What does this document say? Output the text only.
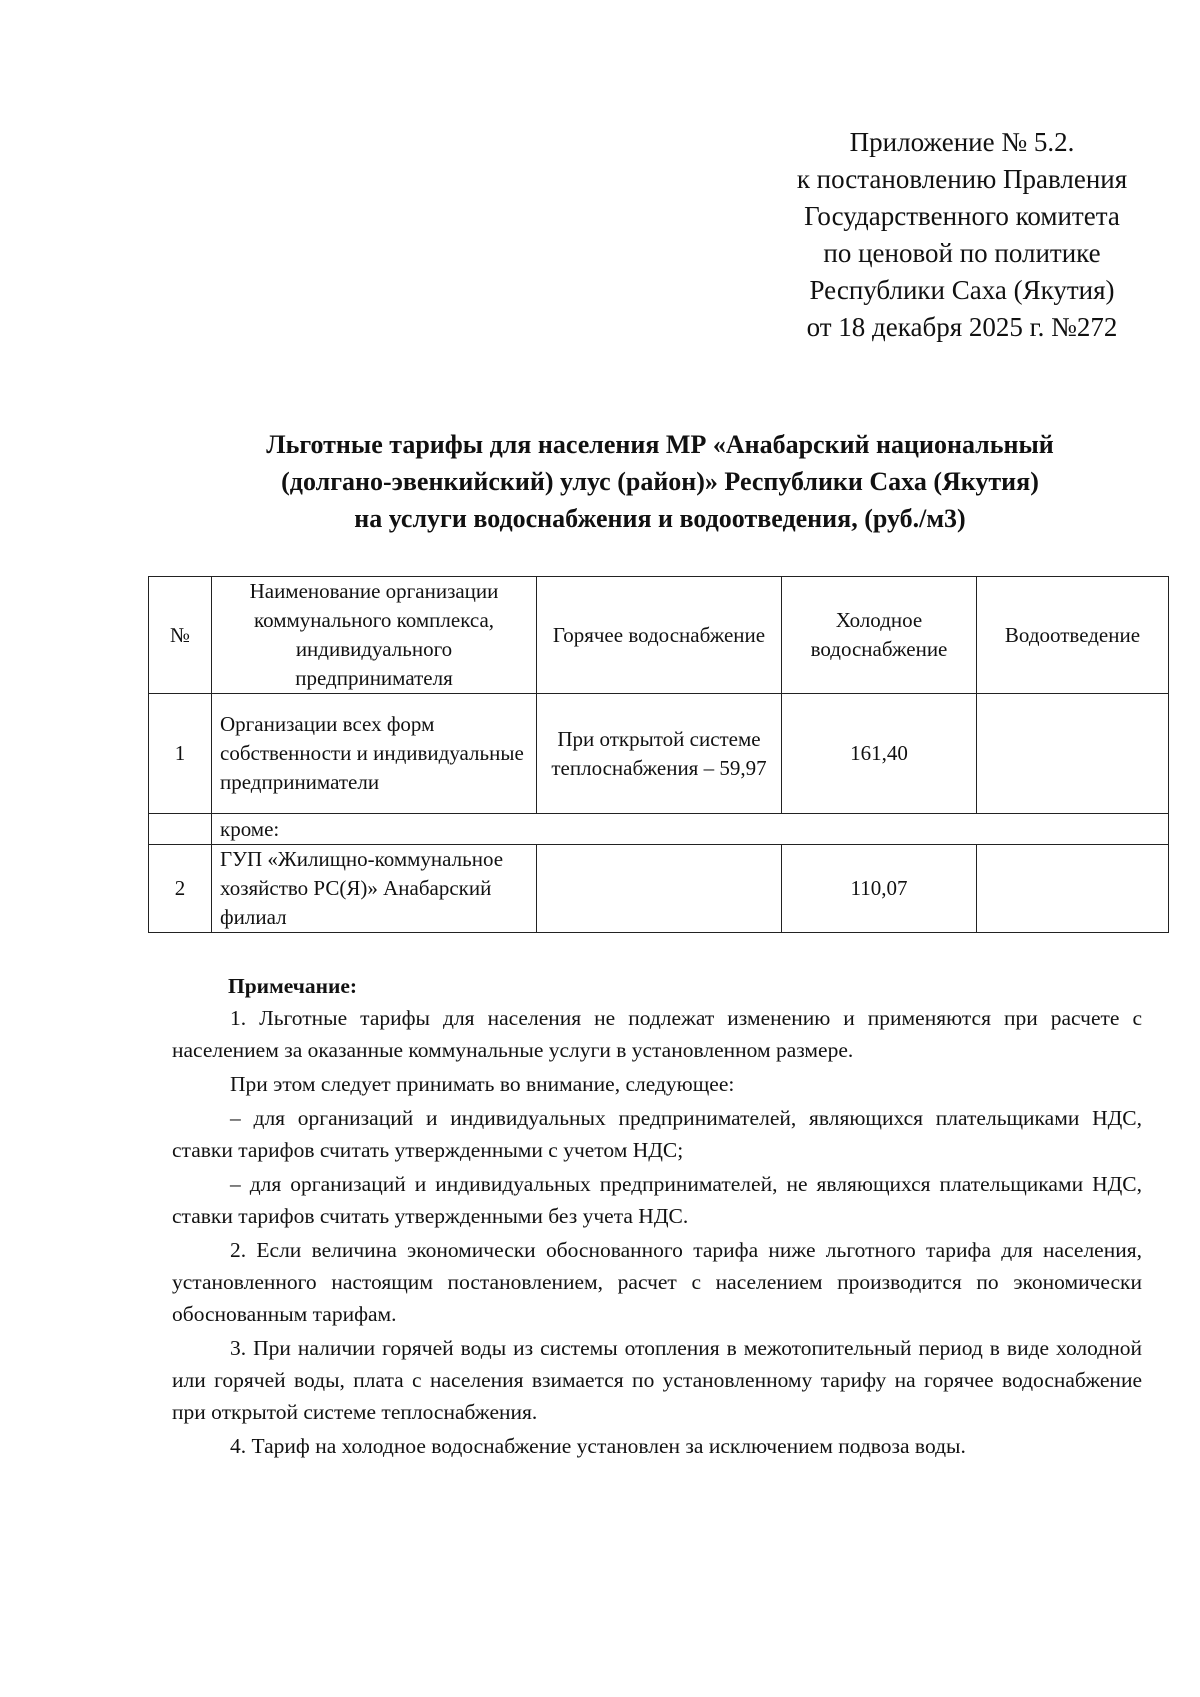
Приложение № 5.2.
к постановлению Правления
Государственного комитета
по ценовой по политике
Республики Саха (Якутия)
от 18 декабря 2025 г. №272
Льготные тарифы для населения МР «Анабарский национальный
(долгано-эвенкийский) улус (район)» Республики Саха (Якутия)
на услуги водоснабжения и водоотведения, (руб./м3)
№	Наименование организации коммунального комплекса, индивидуального предпринимателя	Горячее водоснабжение	Холодное водоснабжение	Водоотведение
1	Организации всех форм собственности и индивидуальные предприниматели	При открытой системе теплоснабжения – 59,97	161,40	
	кроме:			
2	ГУП «Жилищно-коммунальное хозяйство РС(Я)» Анабарский филиал		110,07	

Примечание:

1. Льготные тарифы для населения не подлежат изменению и применяются при расчете с населением за оказанные коммунальные услуги в установленном размере.

При этом следует принимать во внимание, следующее:

– для организаций и индивидуальных предпринимателей, являющихся плательщиками НДС, ставки тарифов считать утвержденными с учетом НДС;

– для организаций и индивидуальных предпринимателей, не являющихся плательщиками НДС, ставки тарифов считать утвержденными без учета НДС.

2. Если величина экономически обоснованного тарифа ниже льготного тарифа для населения, установленного настоящим постановлением, расчет с населением производится по экономически обоснованным тарифам.

3. При наличии горячей воды из системы отопления в межотопительный период в виде холодной или горячей воды, плата с населения взимается по установленному тарифу на горячее водоснабжение при открытой системе теплоснабжения.

4. Тариф на холодное водоснабжение установлен за исключением подвоза воды.
